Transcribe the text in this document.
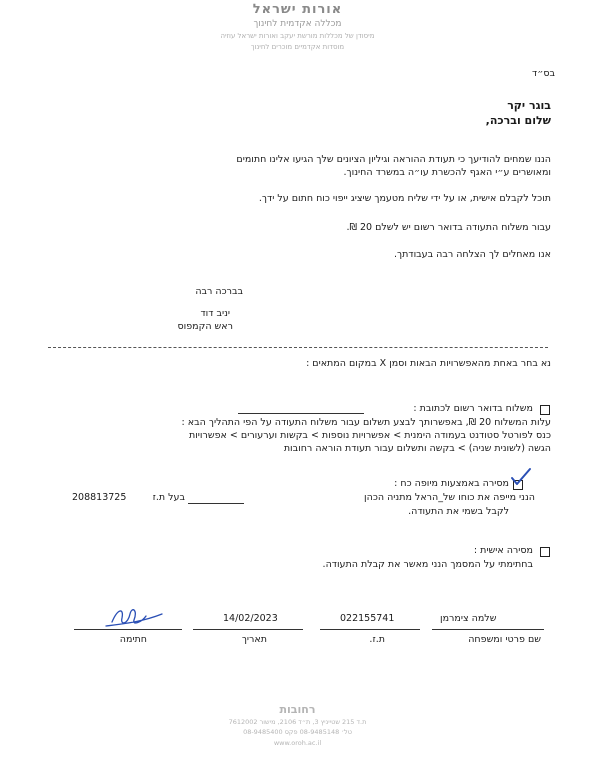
אורות ישראל
מכללה אקדמית לחינוך
מיסודן של מכללות מורשת יעקב ואורות ישראל עוזיה
מוסדות אקדמיים מוכרים לחינוך
בס״ד
בוגר יקר
שלום וברכה,
הננו שמחים להודיעך כי תעודת ההוראה וגיליון הציונים שלך הגיעו אלינו חתומים
ומאושרים ע״י האגף להכשרת עו״ה במשרד החינוך.
תוכל לקבלם אישית, או על ידי שליח מטעמך שיציג ייפוי כוח חתום על ידך.
עבור משלוח התעודה בדואר רשום יש לשלם 20 ₪.
אנו מאחלים לך הצלחה רבה בעבודתך.
בברכה רבה
יניב דוד
ראש הקמפוס
נא בחר באחת מהאפשרויות הבאות וסמן X במקום המתאים :
משלוח בדואר רשום לכתובת :
עלות המשלוח 20 ₪, באפשרותך לבצע תשלום עבור משלוח התעודה על הפי התהליך הבא :
כנס לפורטל סטודנט בעמודה הימנית > אפשרויות נוספות > בקשות וערעורים > אפשרויות
הגשה (לשונית שניה) > בקשה ותשלום עבור תעודת הוראה רחובות
מסירה באמצעות מיופה כח :
הנני מייפה את כוחו של_הראל מתניה הכהן
בעל ת.ז
208813725
לקבל בשמי את התעודה.
מסירה אישית :
בחתימתי על המסמך הנני מאשר את קבלת התעודה.
שלמה צימרמן
022155741
14/02/2023
שם פרטי ומשפחה
ת.ז.
תאריך
חתימה
רחובות
ת.ד 215 שטייניץ 3, ת״ד 2106, מישור 7612002
טל׳ 08-9485148 פקס 08-9485400
www.oroh.ac.il
